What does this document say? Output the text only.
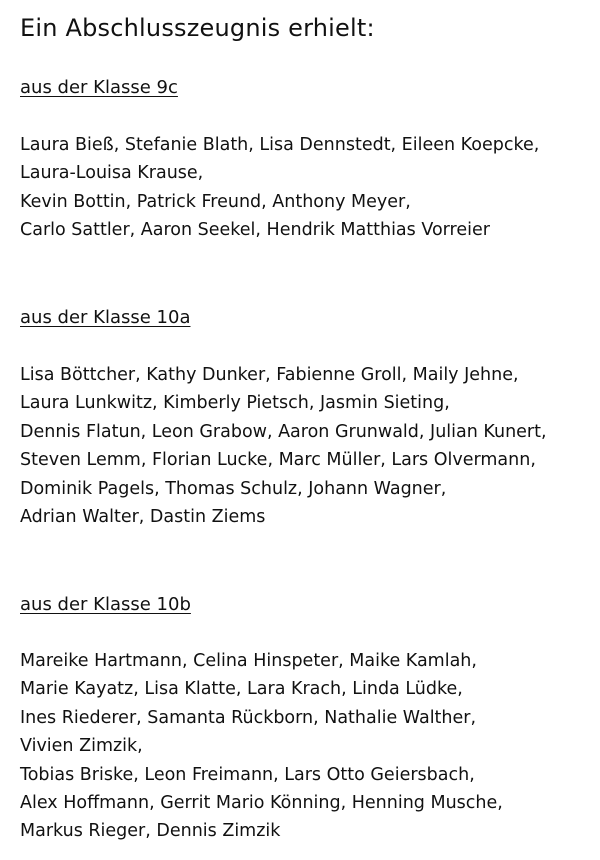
Ein Abschlusszeugnis erhielt:
aus der Klasse 9c
Laura Bieß, Stefanie Blath, Lisa Dennstedt, Eileen Koepcke,
Laura-Louisa Krause,
Kevin Bottin, Patrick Freund, Anthony Meyer,
Carlo Sattler, Aaron Seekel, Hendrik Matthias Vorreier
aus der Klasse 10a
Lisa Böttcher, Kathy Dunker, Fabienne Groll, Maily Jehne,
Laura Lunkwitz, Kimberly Pietsch, Jasmin Sieting,
Dennis Flatun, Leon Grabow, Aaron Grunwald, Julian Kunert,
Steven Lemm, Florian Lucke, Marc Müller, Lars Olvermann,
Dominik Pagels, Thomas Schulz, Johann Wagner,
Adrian Walter, Dastin Ziems
aus der Klasse 10b
Mareike Hartmann, Celina Hinspeter, Maike Kamlah,
Marie Kayatz, Lisa Klatte, Lara Krach, Linda Lüdke,
Ines Riederer, Samanta Rückborn, Nathalie Walther,
Vivien Zimzik,
Tobias Briske, Leon Freimann, Lars Otto Geiersbach,
Alex Hoffmann, Gerrit Mario Könning, Henning Musche,
Markus Rieger, Dennis Zimzik
